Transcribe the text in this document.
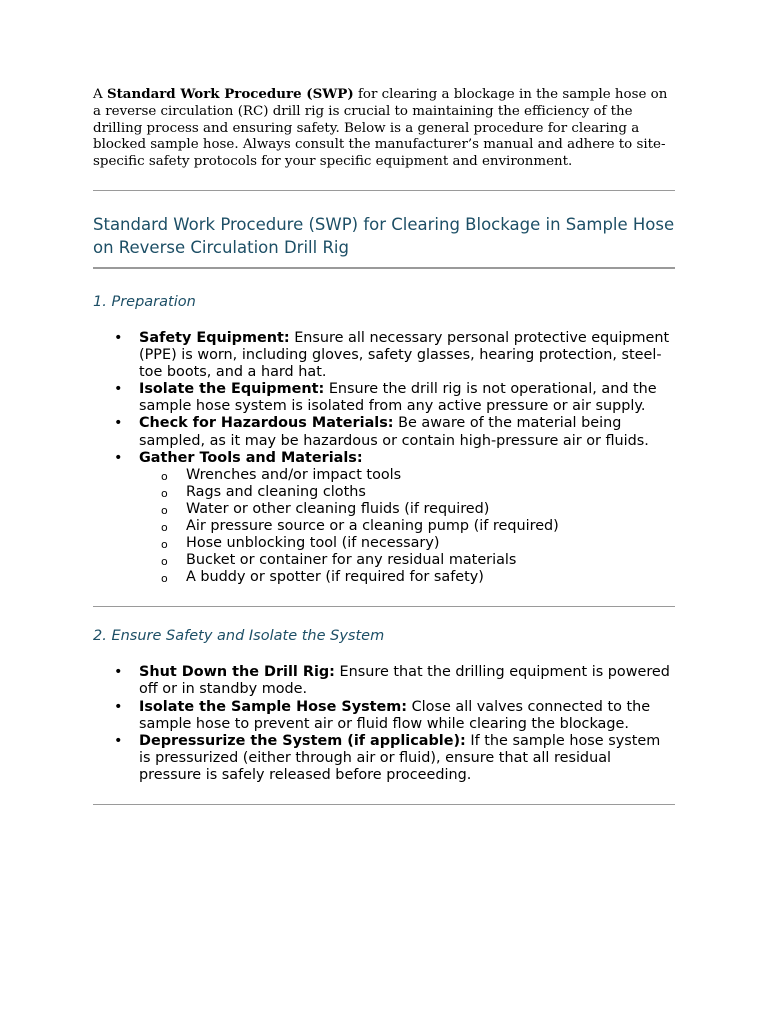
A Standard Work Procedure (SWP) for clearing a blockage in the sample hose on a reverse circulation (RC) drill rig is crucial to maintaining the efficiency of the drilling process and ensuring safety. Below is a general procedure for clearing a blocked sample hose. Always consult the manufacturer’s manual and adhere to site-specific safety protocols for your specific equipment and environment.

Standard Work Procedure (SWP) for Clearing Blockage in Sample Hose on Reverse Circulation Drill Rig
1. Preparation
• Safety Equipment: Ensure all necessary personal protective equipment (PPE) is worn, including gloves, safety glasses, hearing protection, steel-toe boots, and a hard hat.
• Isolate the Equipment: Ensure the drill rig is not operational, and the sample hose system is isolated from any active pressure or air supply.
• Check for Hazardous Materials: Be aware of the material being sampled, as it may be hazardous or contain high-pressure air or fluids.
• Gather Tools and Materials:
o Wrenches and/or impact tools
o Rags and cleaning cloths
o Water or other cleaning fluids (if required)
o Air pressure source or a cleaning pump (if required)
o Hose unblocking tool (if necessary)
o Bucket or container for any residual materials
o A buddy or spotter (if required for safety)
2. Ensure Safety and Isolate the System
• Shut Down the Drill Rig: Ensure that the drilling equipment is powered off or in standby mode.
• Isolate the Sample Hose System: Close all valves connected to the sample hose to prevent air or fluid flow while clearing the blockage.
• Depressurize the System (if applicable): If the sample hose system is pressurized (either through air or fluid), ensure that all residual pressure is safely released before proceeding.
